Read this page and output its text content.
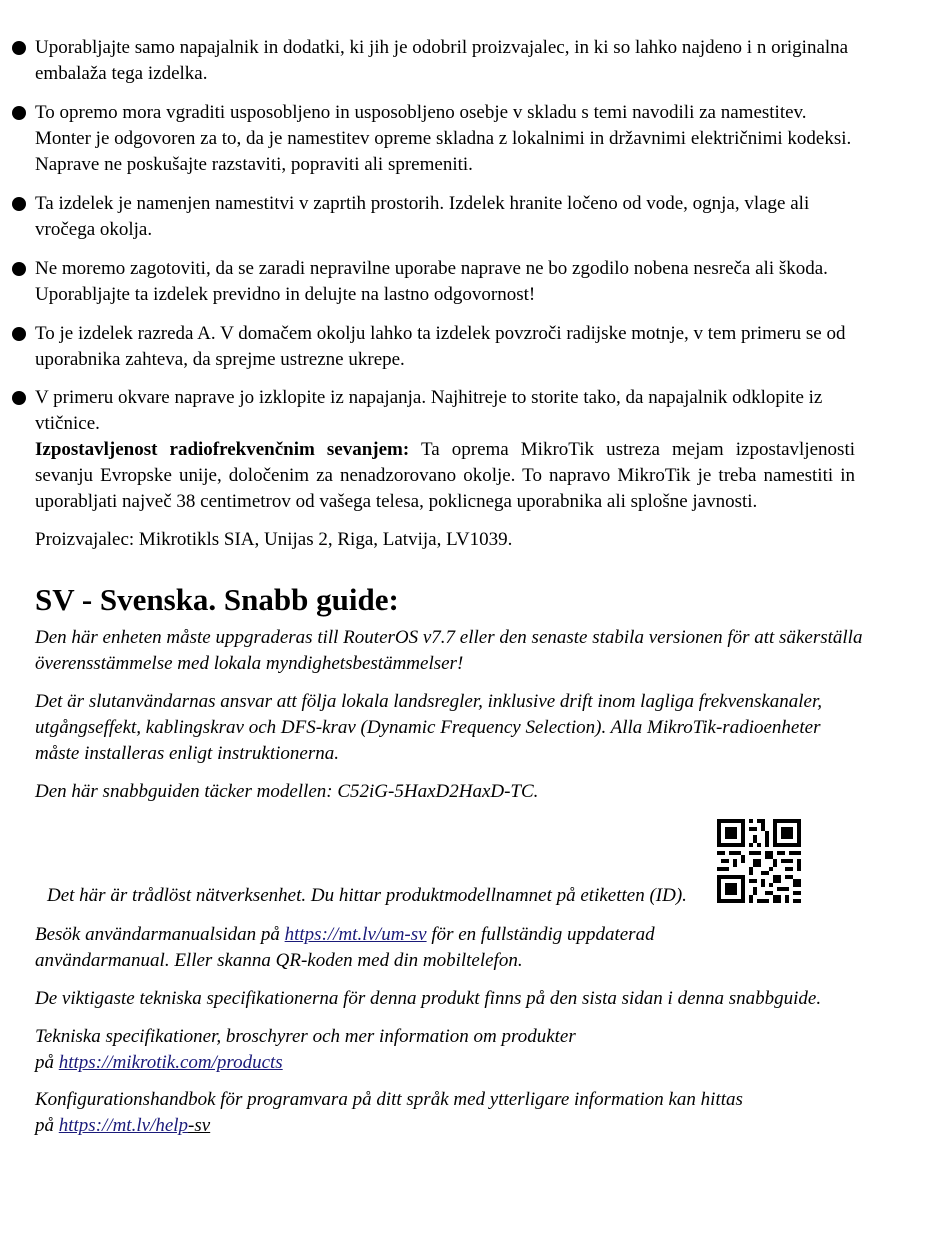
Uporabljajte samo napajalnik in dodatki, ki jih je odobril proizvajalec, in ki so lahko najdeno i n originalna embalaža tega izdelka.
To opremo mora vgraditi usposobljeno in usposobljeno osebje v skladu s temi navodili za namestitev. Monter je odgovoren za to, da je namestitev opreme skladna z lokalnimi in državnimi električnimi kodeksi. Naprave ne poskušajte razstaviti, popraviti ali spremeniti.
Ta izdelek je namenjen namestitvi v zaprtih prostorih. Izdelek hranite ločeno od vode, ognja, vlage ali vročega okolja.
Ne moremo zagotoviti, da se zaradi nepravilne uporabe naprave ne bo zgodilo nobena nesreča ali škoda. Uporabljajte ta izdelek previdno in delujte na lastno odgovornost!
To je izdelek razreda A. V domačem okolju lahko ta izdelek povzroči radijske motnje, v tem primeru se od uporabnika zahteva, da sprejme ustrezne ukrepe.
V primeru okvare naprave jo izklopite iz napajanja. Najhitreje to storite tako, da napajalnik odklopite iz vtičnice.
Izpostavljenost radiofrekvenčnim sevanjem: Ta oprema MikroTik ustreza mejam izpostavljenosti sevanju Evropske unije, določenim za nenadzorovano okolje. To napravo MikroTik je treba namestiti in uporabljati največ 38 centimetrov od vašega telesa, poklicnega uporabnika ali splošne javnosti.
Proizvajalec: Mikrotikls SIA, Unijas 2, Riga, Latvija, LV1039.
SV - Svenska. Snabb guide:
Den här enheten måste uppgraderas till RouterOS v7.7 eller den senaste stabila versionen för att säkerställa överensstämmelse med lokala myndighetsbestämmelser!
Det är slutanvändarnas ansvar att följa lokala landsregler, inklusive drift inom lagliga frekvenskanaler, utgångseffekt, kablingskrav och DFS-krav (Dynamic Frequency Selection). Alla MikroTik-radioenheter måste installeras enligt instruktionerna.
Den här snabbguiden täcker modellen: C52iG-5HaxD2HaxD-TC.
Det här är trådlöst nätverksenhet. Du hittar produktmodellnamnet på etiketten (ID).
Besök användarmanualsidan på https://mt.lv/um-sv för en fullständig uppdaterad
användarmanual. Eller skanna QR-koden med din mobiltelefon.
De viktigaste tekniska specifikationerna för denna produkt finns på den sista sidan i denna snabbguide.
Tekniska specifikationer, broschyrer och mer information om produkter
på https://mikrotik.com/products
Konfigurationshandbok för programvara på ditt språk med ytterligare information kan hittas
på https://mt.lv/help-sv
